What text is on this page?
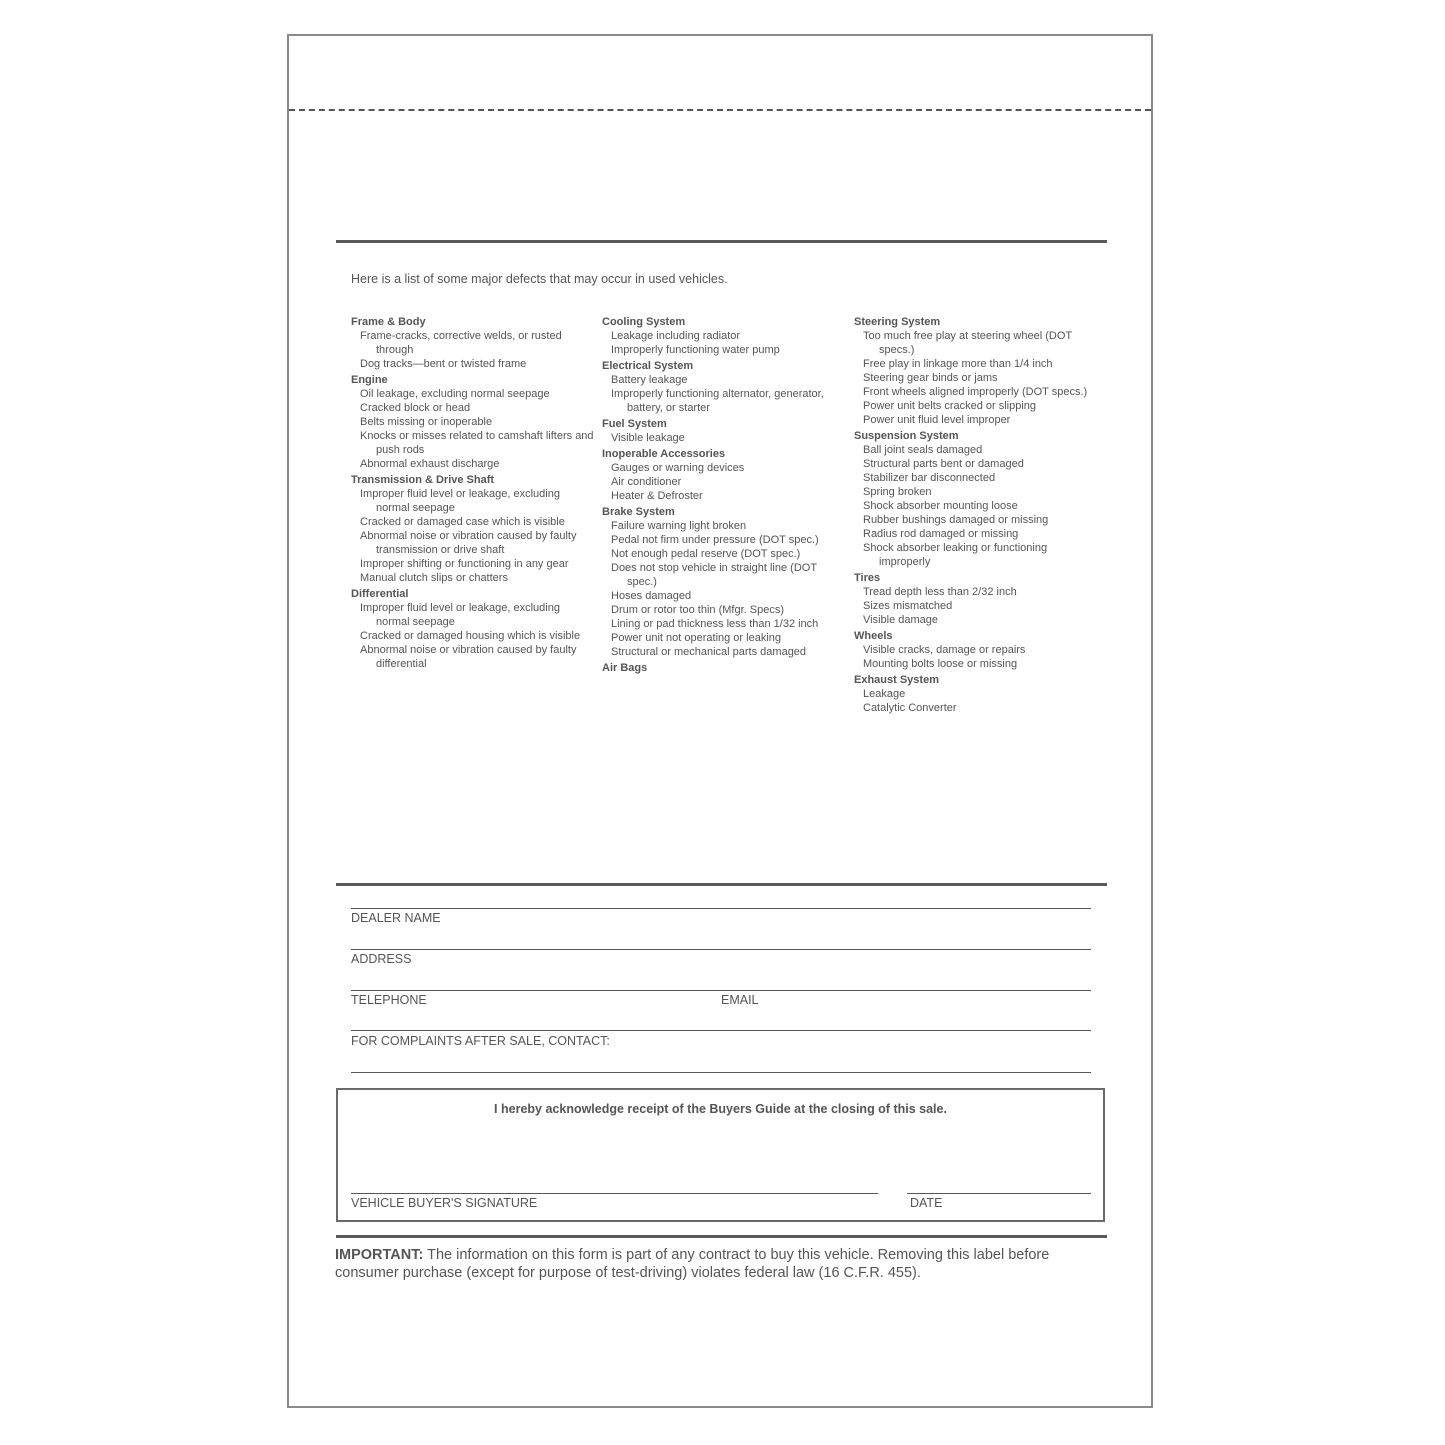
Here is a list of some major defects that may occur in used vehicles.
Frame & Body
Frame-cracks, corrective welds, or rusted through
Dog tracks—bent or twisted frame
Engine
Oil leakage, excluding normal seepage
Cracked block or head
Belts missing or inoperable
Knocks or misses related to camshaft lifters and push rods
Abnormal exhaust discharge
Transmission & Drive Shaft
Improper fluid level or leakage, excluding normal seepage
Cracked or damaged case which is visible
Abnormal noise or vibration caused by faulty transmission or drive shaft
Improper shifting or functioning in any gear
Manual clutch slips or chatters
Differential
Improper fluid level or leakage, excluding normal seepage
Cracked or damaged housing which is visible
Abnormal noise or vibration caused by faulty differential
Cooling System
Leakage including radiator
Improperly functioning water pump
Electrical System
Battery leakage
Improperly functioning alternator, generator, battery, or starter
Fuel System
Visible leakage
Inoperable Accessories
Gauges or warning devices
Air conditioner
Heater & Defroster
Brake System
Failure warning light broken
Pedal not firm under pressure (DOT spec.)
Not enough pedal reserve (DOT spec.)
Does not stop vehicle in straight line (DOT spec.)
Hoses damaged
Drum or rotor too thin (Mfgr. Specs)
Lining or pad thickness less than 1/32 inch
Power unit not operating or leaking
Structural or mechanical parts damaged
Air Bags
Steering System
Too much free play at steering wheel (DOT specs.)
Free play in linkage more than 1/4 inch
Steering gear binds or jams
Front wheels aligned improperly (DOT specs.)
Power unit belts cracked or slipping
Power unit fluid level improper
Suspension System
Ball joint seals damaged
Structural parts bent or damaged
Stabilizer bar disconnected
Spring broken
Shock absorber mounting loose
Rubber bushings damaged or missing
Radius rod damaged or missing
Shock absorber leaking or functioning improperly
Tires
Tread depth less than 2/32 inch
Sizes mismatched
Visible damage
Wheels
Visible cracks, damage or repairs
Mounting bolts loose or missing
Exhaust System
Leakage
Catalytic Converter
DEALER NAME
ADDRESS
TELEPHONE	EMAIL
FOR COMPLAINTS AFTER SALE, CONTACT:
I hereby acknowledge receipt of the Buyers Guide at the closing of this sale.
VEHICLE BUYER'S SIGNATURE	DATE
IMPORTANT: The information on this form is part of any contract to buy this vehicle. Removing this label before consumer purchase (except for purpose of test-driving) violates federal law (16 C.F.R. 455).
